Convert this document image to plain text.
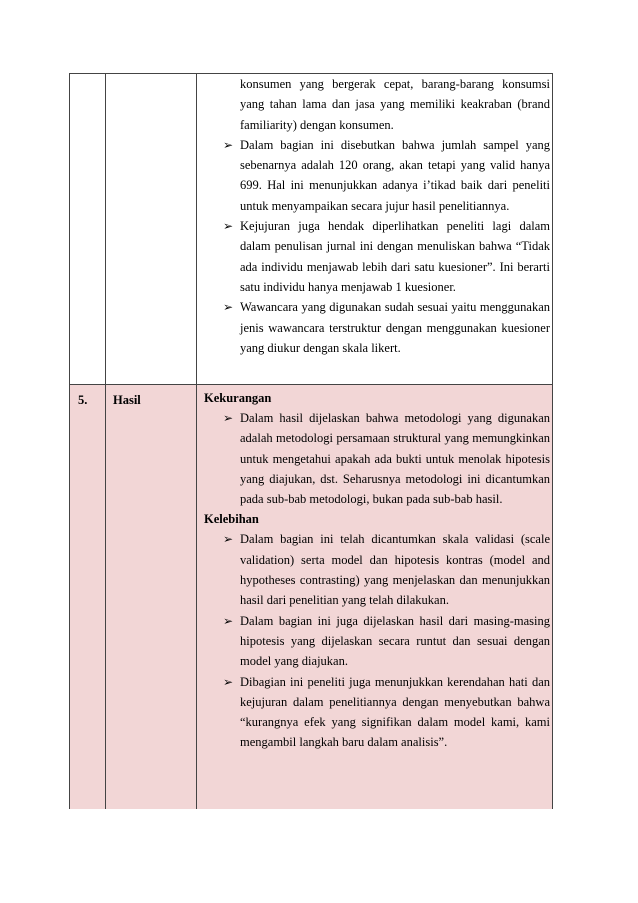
konsumen yang bergerak cepat, barang-barang konsumsi yang tahan lama dan jasa yang memiliki keakraban (brand familiarity) dengan konsumen.

➢ Dalam bagian ini disebutkan bahwa jumlah sampel yang sebenarnya adalah 120 orang, akan tetapi yang valid hanya 699. Hal ini menunjukkan adanya i’tikad baik dari peneliti untuk menyampaikan secara jujur hasil penelitiannya.

➢ Kejujuran juga hendak diperlihatkan peneliti lagi dalam dalam penulisan jurnal ini dengan menuliskan bahwa “Tidak ada individu menjawab lebih dari satu kuesioner”. Ini berarti satu individu hanya menjawab 1 kuesioner.

➢ Wawancara yang digunakan sudah sesuai yaitu menggunakan jenis wawancara terstruktur dengan menggunakan kuesioner yang diukur dengan skala likert.

5. Hasil	Kekurangan

➢ Dalam hasil dijelaskan bahwa metodologi yang digunakan adalah metodologi persamaan struktural yang memungkinkan untuk mengetahui apakah ada bukti untuk menolak hipotesis yang diajukan, dst. Seharusnya metodologi ini dicantumkan pada sub-bab metodologi, bukan pada sub-bab hasil.

Kelebihan

➢ Dalam bagian ini telah dicantumkan skala validasi (scale validation) serta model dan hipotesis kontras (model and hypotheses contrasting) yang menjelaskan dan menunjukkan hasil dari penelitian yang telah dilakukan.

➢ Dalam bagian ini juga dijelaskan hasil dari masing-masing hipotesis yang dijelaskan secara runtut dan sesuai dengan model yang diajukan.

➢ Dibagian ini peneliti juga menunjukkan kerendahan hati dan kejujuran dalam penelitiannya dengan menyebutkan bahwa “kurangnya efek yang signifikan dalam model kami, kami mengambil langkah baru dalam analisis”.
